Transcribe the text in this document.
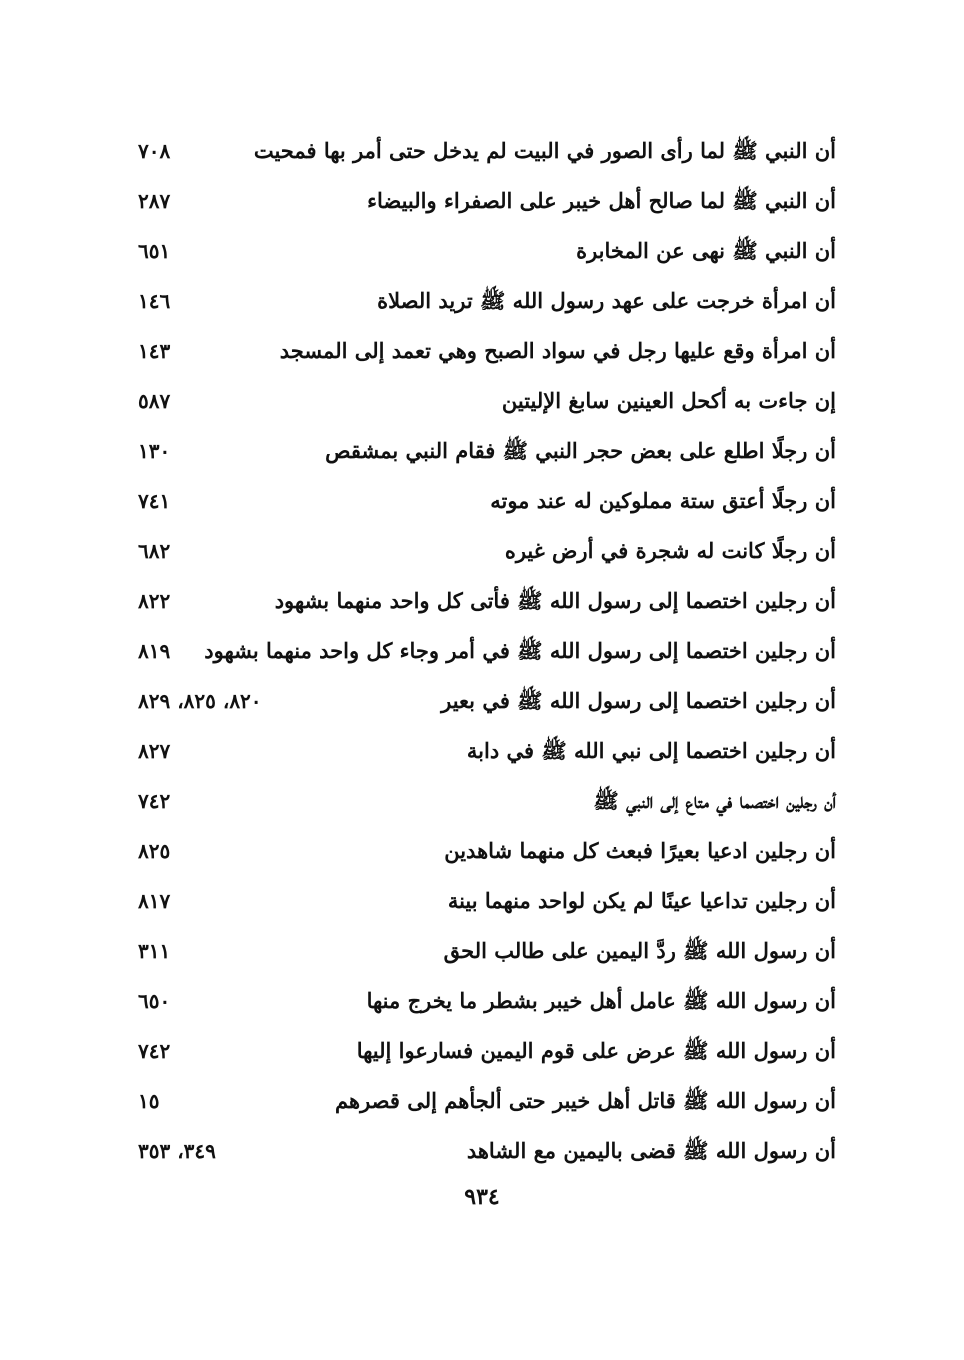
أن النبي ﷺ لما رأى الصور في البيت لم يدخل حتى أمر بها فمحيت
٧٠٨
أن النبي ﷺ لما صالح أهل خيبر على الصفراء والبيضاء
٢٨٧
أن النبي ﷺ نهى عن المخابرة
٦٥١
أن امرأة خرجت على عهد رسول الله ﷺ تريد الصلاة
١٤٦
أن امرأة وقع عليها رجل في سواد الصبح وهي تعمد إلى المسجد
١٤٣
إن جاءت به أكحل العينين سابغ الإليتين
٥٨٧
أن رجلًا اطلع على بعض حجر النبي ﷺ فقام النبي بمشقص
١٣٠
أن رجلًا أعتق ستة مملوكين له عند موته
٧٤١
أن رجلًا كانت له شجرة في أرض غيره
٦٨٢
أن رجلين اختصما إلى رسول الله ﷺ فأتى كل واحد منهما بشهود
٨٢٢
أن رجلين اختصما إلى رسول الله ﷺ في أمر وجاء كل واحد منهما بشهود
٨١٩
أن رجلين اختصما إلى رسول الله ﷺ في بعير
٨٢٠، ٨٢٥، ٨٢٩
أن رجلين اختصما إلى نبي الله ﷺ في دابة
٨٢٧
أن رجلين اختصما في متاع إلى النبي ﷺ
٧٤٢
أن رجلين ادعيا بعيرًا فبعث كل منهما شاهدين
٨٢٥
أن رجلين تداعيا عينًا لم يكن لواحد منهما بينة
٨١٧
أن رسول الله ﷺ ردَّ اليمين على طالب الحق
٣١١
أن رسول الله ﷺ عامل أهل خيبر بشطر ما يخرج منها
٦٥٠
أن رسول الله ﷺ عرض على قوم اليمين فسارعوا إليها
٧٤٢
أن رسول الله ﷺ قاتل أهل خيبر حتى ألجأهم إلى قصرهم
١٥
أن رسول الله ﷺ قضى باليمين مع الشاهد
٣٤٩، ٣٥٣
٩٣٤
